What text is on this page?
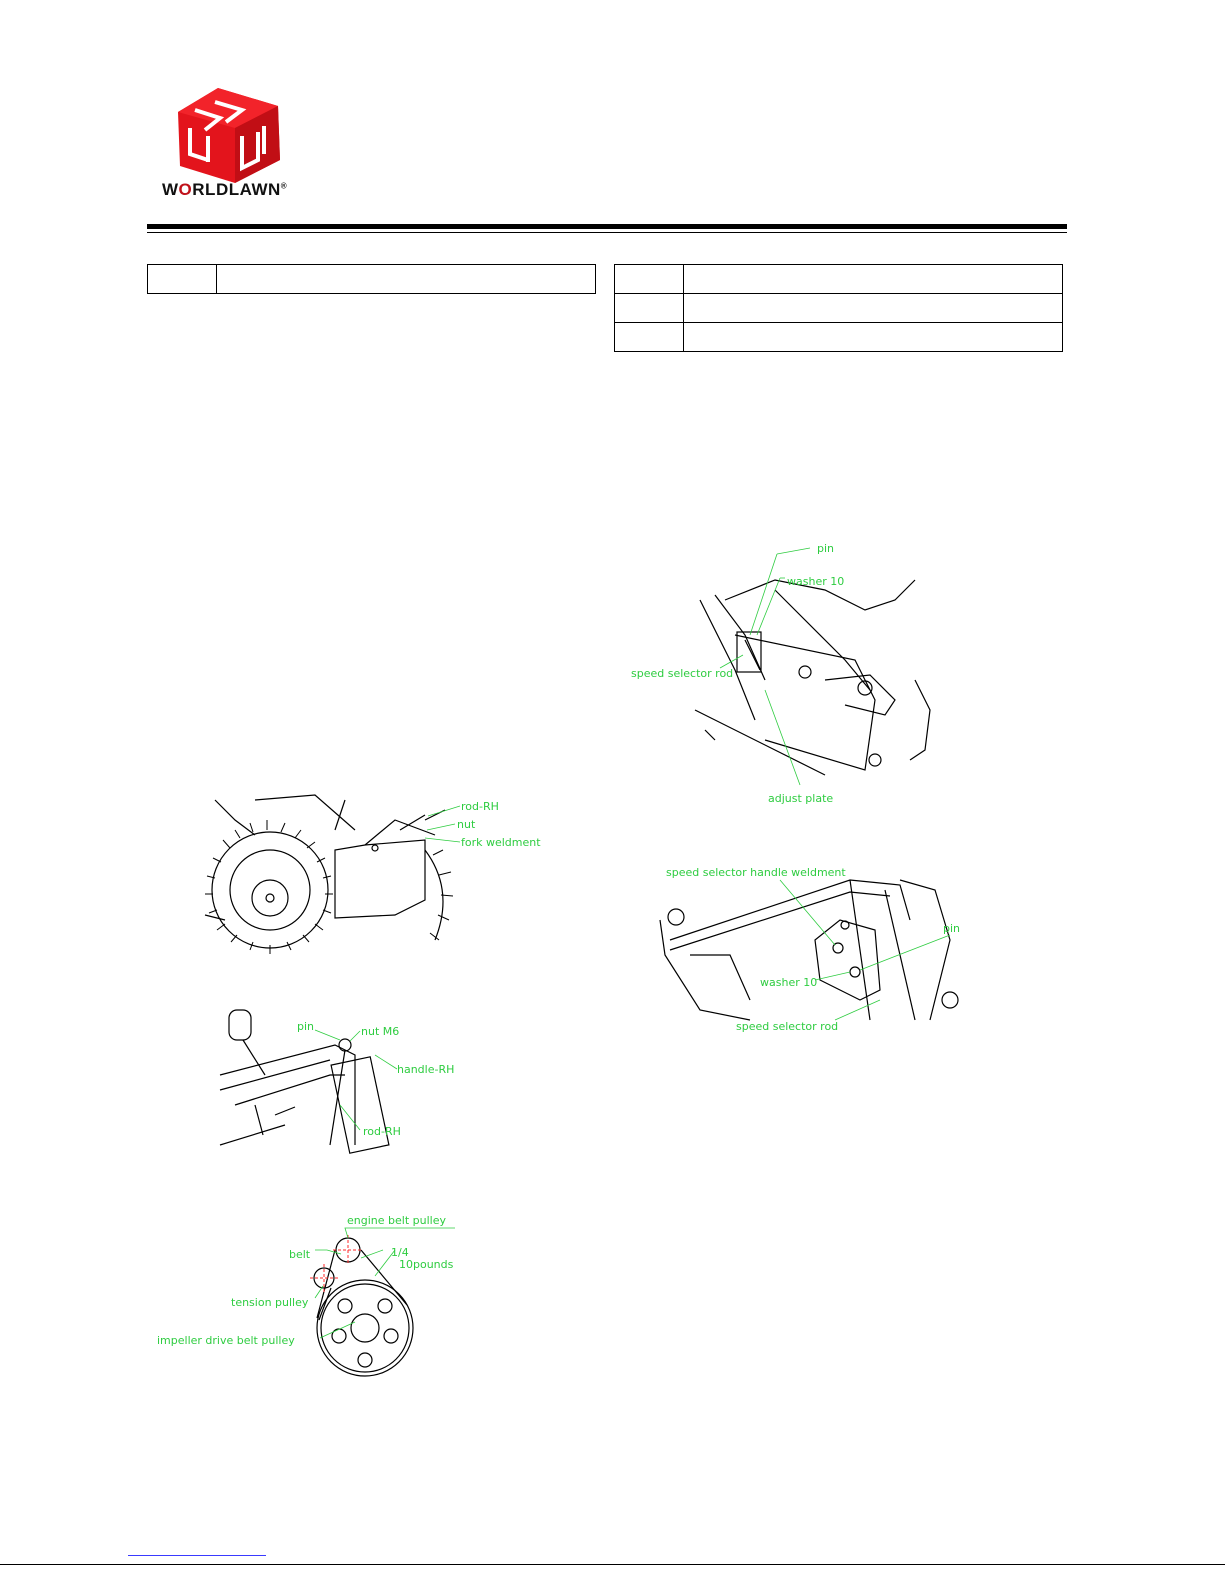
WORLDLAWN®

pin
washer 10
speed selector rod
adjust plate
speed selector handle weldment
pin
washer 10
speed selector rod
rod-RH
nut
fork weldment
pin	nut M6
handle-RH
rod-RH
engine belt pulley
belt	1/4
10pounds
tension pulley
impeller drive belt pulley
